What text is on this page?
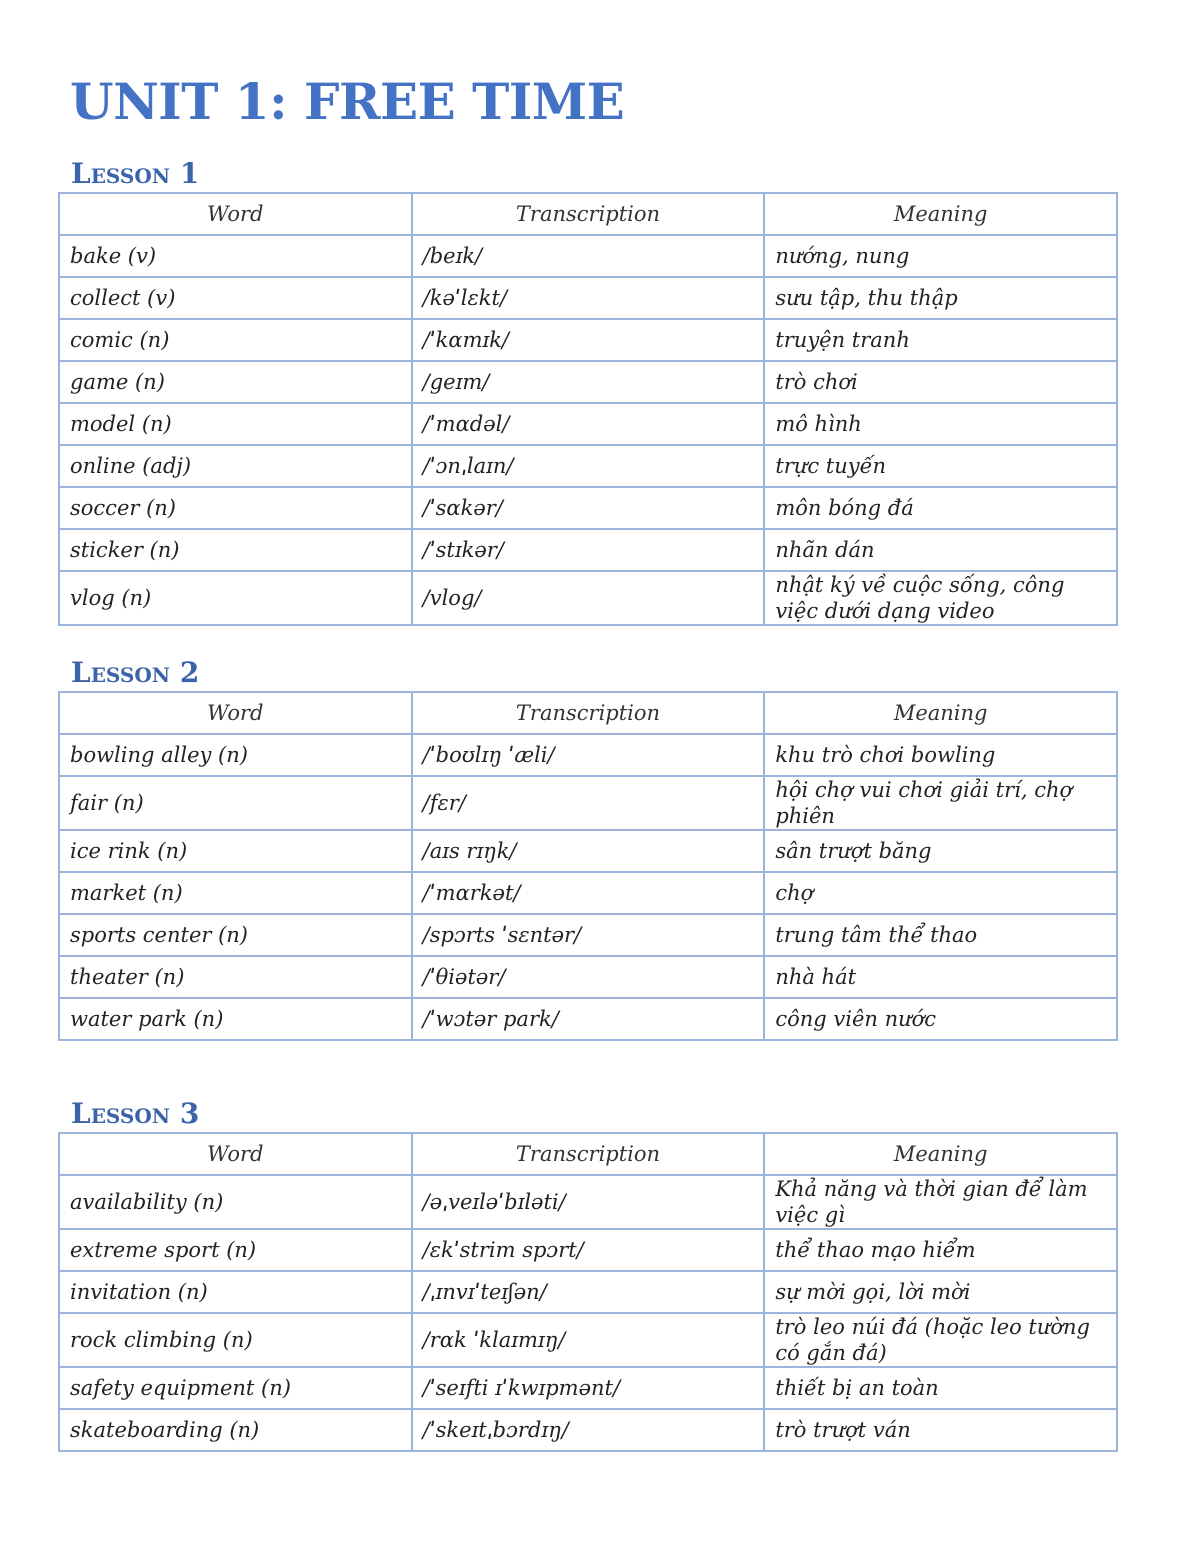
UNIT 1: FREE TIME
Lesson 1
Word	Transcription	Meaning
bake (v)	/beɪk/	nướng, nung
collect (v)	/kəˈlɛkt/	sưu tập, thu thập
comic (n)	/ˈkɑmɪk/	truyện tranh
game (n)	/geɪm/	trò chơi
model (n)	/ˈmɑdəl/	mô hình
online (adj)	/ˈɔnˌlaɪn/	trực tuyến
soccer (n)	/ˈsɑkər/	môn bóng đá
sticker (n)	/ˈstɪkər/	nhãn dán
vlog (n)	/vlog/	nhật ký về cuộc sống, công việc dưới dạng video
Lesson 2
Word	Transcription	Meaning
bowling alley (n)	/ˈboʊlɪŋ ˈæli/	khu trò chơi bowling
fair (n)	/fɛr/	hội chợ vui chơi giải trí, chợ phiên
ice rink (n)	/aɪs rɪŋk/	sân trượt băng
market (n)	/ˈmɑrkət/	chợ
sports center (n)	/spɔrts ˈsɛntər/	trung tâm thể thao
theater (n)	/ˈθiətər/	nhà hát
water park (n)	/ˈwɔtər park/	công viên nước
Lesson 3
Word	Transcription	Meaning
availability (n)	/əˌveɪləˈbɪləti/	Khả năng và thời gian để làm việc gì
extreme sport (n)	/ɛkˈstrim spɔrt/	thể thao mạo hiểm
invitation (n)	/ˌɪnvɪˈteɪʃən/	sự mời gọi, lời mời
rock climbing (n)	/rɑk ˈklaɪmɪŋ/	trò leo núi đá (hoặc leo tường có gắn đá)
safety equipment (n)	/ˈseɪfti ɪˈkwɪpmənt/	thiết bị an toàn
skateboarding (n)	/ˈskeɪtˌbɔrdɪŋ/	trò trượt ván
